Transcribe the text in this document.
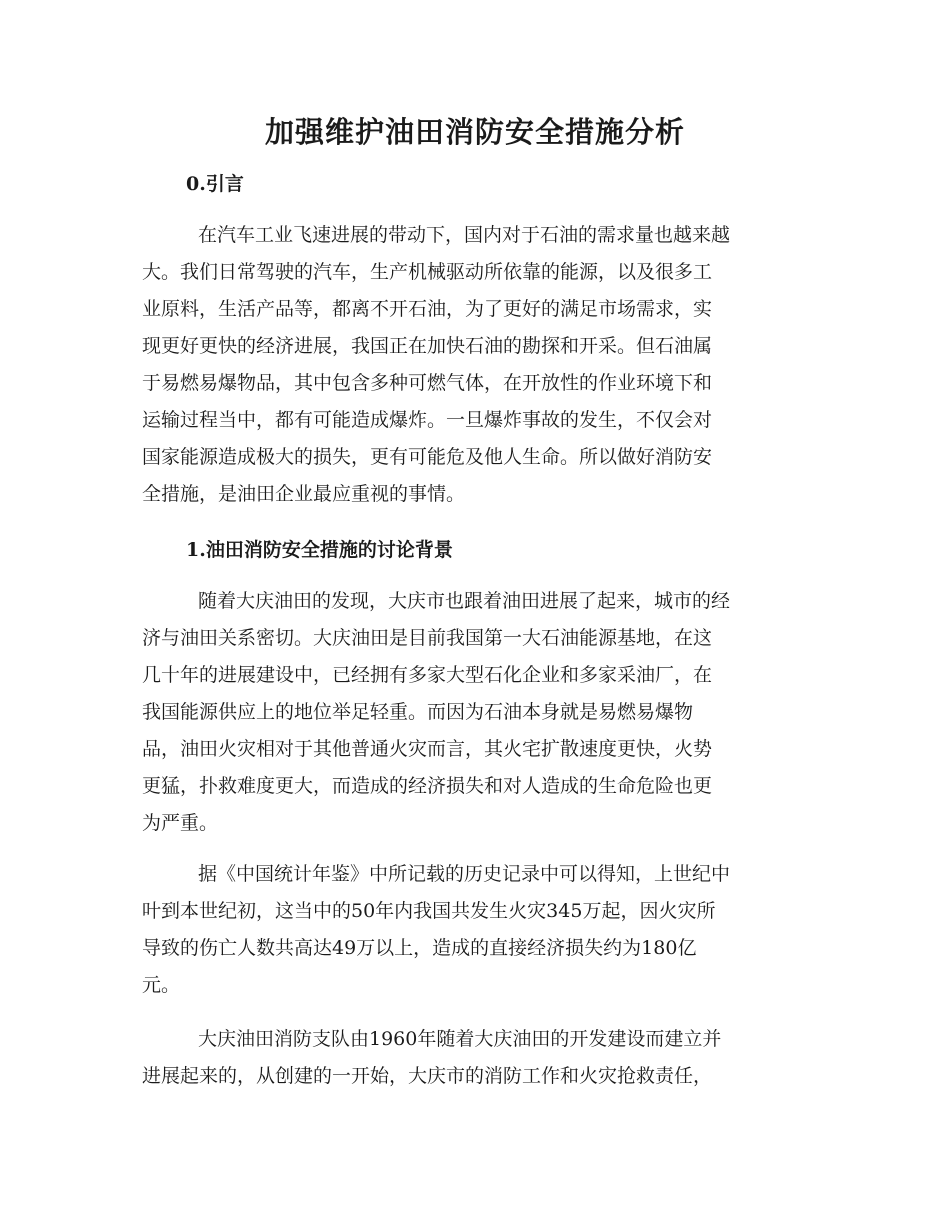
加强维护油田消防安全措施分析
0.引言
在汽车工业飞速进展的带动下，国内对于石油的需求量也越来越
大。我们日常驾驶的汽车，生产机械驱动所依靠的能源，以及很多工
业原料，生活产品等，都离不开石油，为了更好的满足市场需求，实
现更好更快的经济进展，我国正在加快石油的勘探和开采。但石油属
于易燃易爆物品，其中包含多种可燃气体，在开放性的作业环境下和
运输过程当中，都有可能造成爆炸。一旦爆炸事故的发生，不仅会对
国家能源造成极大的损失，更有可能危及他人生命。所以做好消防安
全措施，是油田企业最应重视的事情。
1.油田消防安全措施的讨论背景
随着大庆油田的发现，大庆市也跟着油田进展了起来，城市的经
济与油田关系密切。大庆油田是目前我国第一大石油能源基地，在这
几十年的进展建设中，已经拥有多家大型石化企业和多家采油厂，在
我国能源供应上的地位举足轻重。而因为石油本身就是易燃易爆物
品，油田火灾相对于其他普通火灾而言，其火宅扩散速度更快，火势
更猛，扑救难度更大，而造成的经济损失和对人造成的生命危险也更
为严重。
据《中国统计年鉴》中所记载的历史记录中可以得知，上世纪中
叶到本世纪初，这当中的50年内我国共发生火灾345万起，因火灾所
导致的伤亡人数共高达49万以上，造成的直接经济损失约为180亿
元。
大庆油田消防支队由1960年随着大庆油田的开发建设而建立并
进展起来的，从创建的一开始，大庆市的消防工作和火灾抢救责任，
